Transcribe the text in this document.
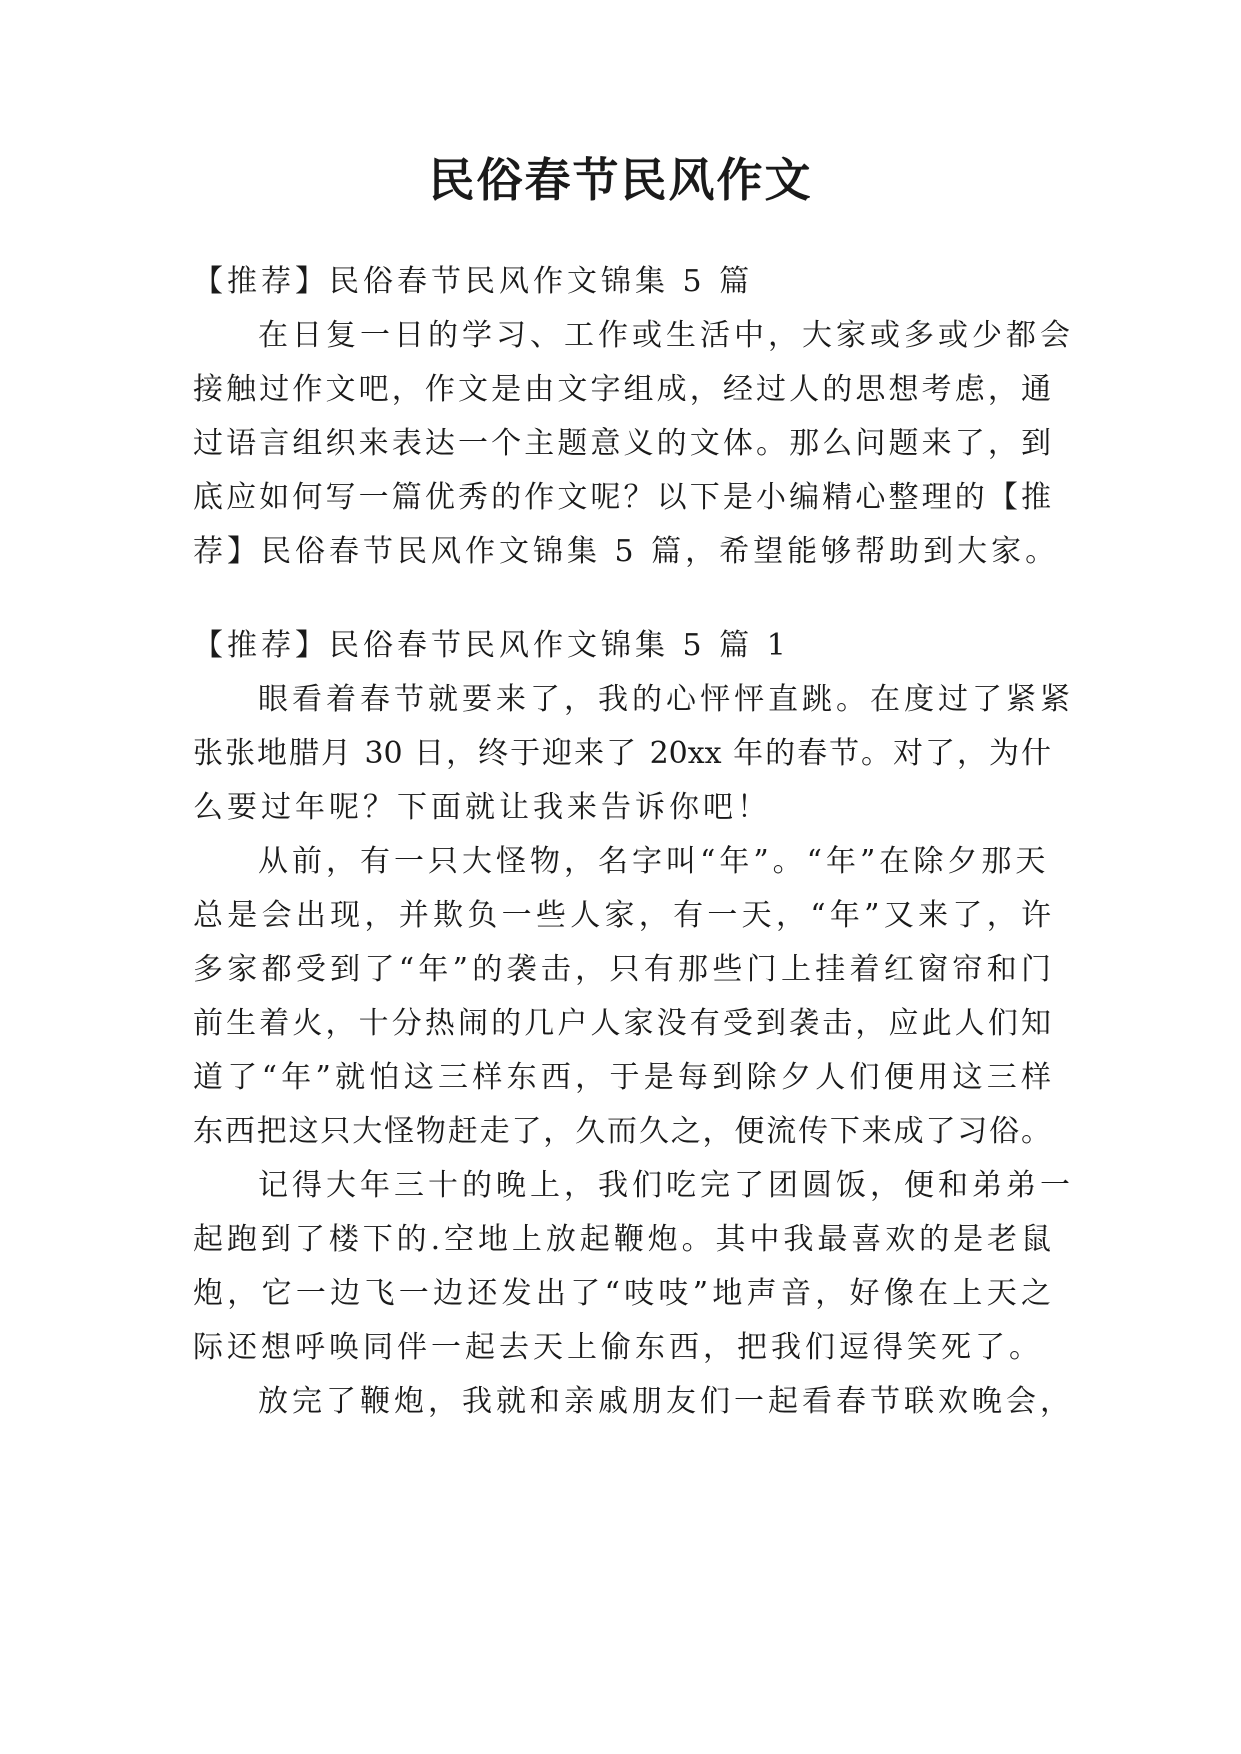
民俗春节民风作文
【推荐】民俗春节民风作文锦集 5 篇
在日复一日的学习、工作或生活中，大家或多或少都会
接触过作文吧，作文是由文字组成，经过人的思想考虑，通
过语言组织来表达一个主题意义的文体。那么问题来了，到
底应如何写一篇优秀的作文呢？以下是小编精心整理的【推
荐】民俗春节民风作文锦集 5 篇，希望能够帮助到大家。
【推荐】民俗春节民风作文锦集 5 篇 1
眼看着春节就要来了，我的心怦怦直跳。在度过了紧紧
张张地腊月 30 日，终于迎来了 20xx 年的春节。对了，为什
么要过年呢？下面就让我来告诉你吧！
从前，有一只大怪物，名字叫“年”。“年”在除夕那天
总是会出现，并欺负一些人家，有一天，“年”又来了，许
多家都受到了“年”的袭击，只有那些门上挂着红窗帘和门
前生着火，十分热闹的几户人家没有受到袭击，应此人们知
道了“年”就怕这三样东西，于是每到除夕人们便用这三样
东西把这只大怪物赶走了，久而久之，便流传下来成了习俗。
记得大年三十的晚上，我们吃完了团圆饭，便和弟弟一
起跑到了楼下的.空地上放起鞭炮。其中我最喜欢的是老鼠
炮，它一边飞一边还发出了“吱吱”地声音，好像在上天之
际还想呼唤同伴一起去天上偷东西，把我们逗得笑死了。
放完了鞭炮，我就和亲戚朋友们一起看春节联欢晚会，
